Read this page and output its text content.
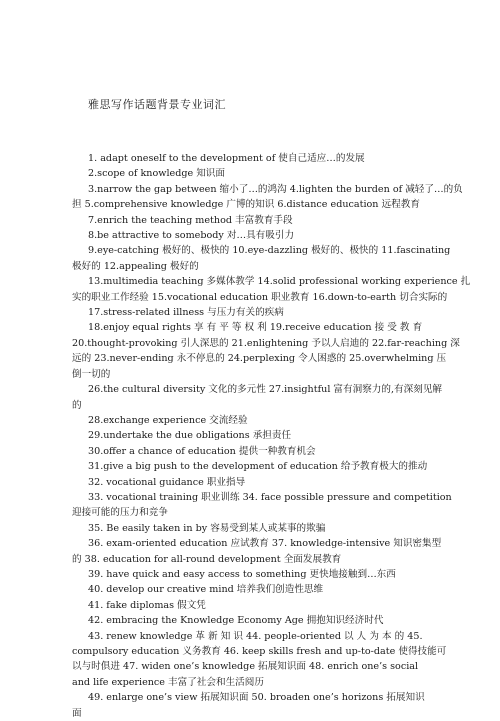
雅思写作话题背景专业词汇
1. adapt oneself to the development of 使自己适应…的发展
2.scope of knowledge 知识面
3.narrow the gap between 缩小了…的鸿沟 4.lighten the burden of 减轻了…的负
担 5.comprehensive knowledge 广博的知识 6.distance education 远程教育
7.enrich the teaching method 丰富教育手段
8.be attractive to somebody 对…具有吸引力
9.eye-catching 极好的、极快的 10.eye-dazzling 极好的、极快的 11.fascinating
极好的 12.appealing 极好的
13.multimedia teaching 多媒体教学 14.solid professional working experience 扎
实的职业工作经验 15.vocational education 职业教育 16.down-to-earth 切合实际的
17.stress-related illness 与压力有关的疾病
18.enjoy equal rights 享 有 平 等 权 利 19.receive education 接 受 教 育
20.thought-provoking 引人深思的 21.enlightening 予以人启迪的 22.far-reaching 深
远的 23.never-ending 永不停息的 24.perplexing 令人困惑的 25.overwhelming 压
倒一切的
26.the cultural diversity 文化的多元性 27.insightful 富有洞察力的,有深刻见解
的
28.exchange experience 交流经验
29.undertake the due obligations 承担责任
30.offer a chance of education 提供一种教育机会
31.give a big push to the development of education 给予教育极大的推动
32. vocational guidance 职业指导
33. vocational training 职业训练 34. face possible pressure and competition
迎接可能的压力和竞争
35. Be easily taken in by 容易受到某人或某事的欺骗
36. exam-oriented education 应试教育 37. knowledge-intensive 知识密集型
的 38. education for all-round development 全面发展教育
39. have quick and easy access to something 更快地接触到…东西
40. develop our creative mind 培养我们创造性思维
41. fake diplomas 假文凭
42. embracing the Knowledge Economy Age 拥抱知识经济时代
43. renew knowledge 革 新 知 识 44. people-oriented 以 人 为 本 的 45.
compulsory education 义务教育 46. keep skills fresh and up-to-date 使得技能可
以与时俱进 47. widen one’s knowledge 拓展知识面 48. enrich one’s social
and life experience 丰富了社会和生活阅历
49. enlarge one’s view 拓展知识面 50. broaden one’s horizons 拓展知识
面
